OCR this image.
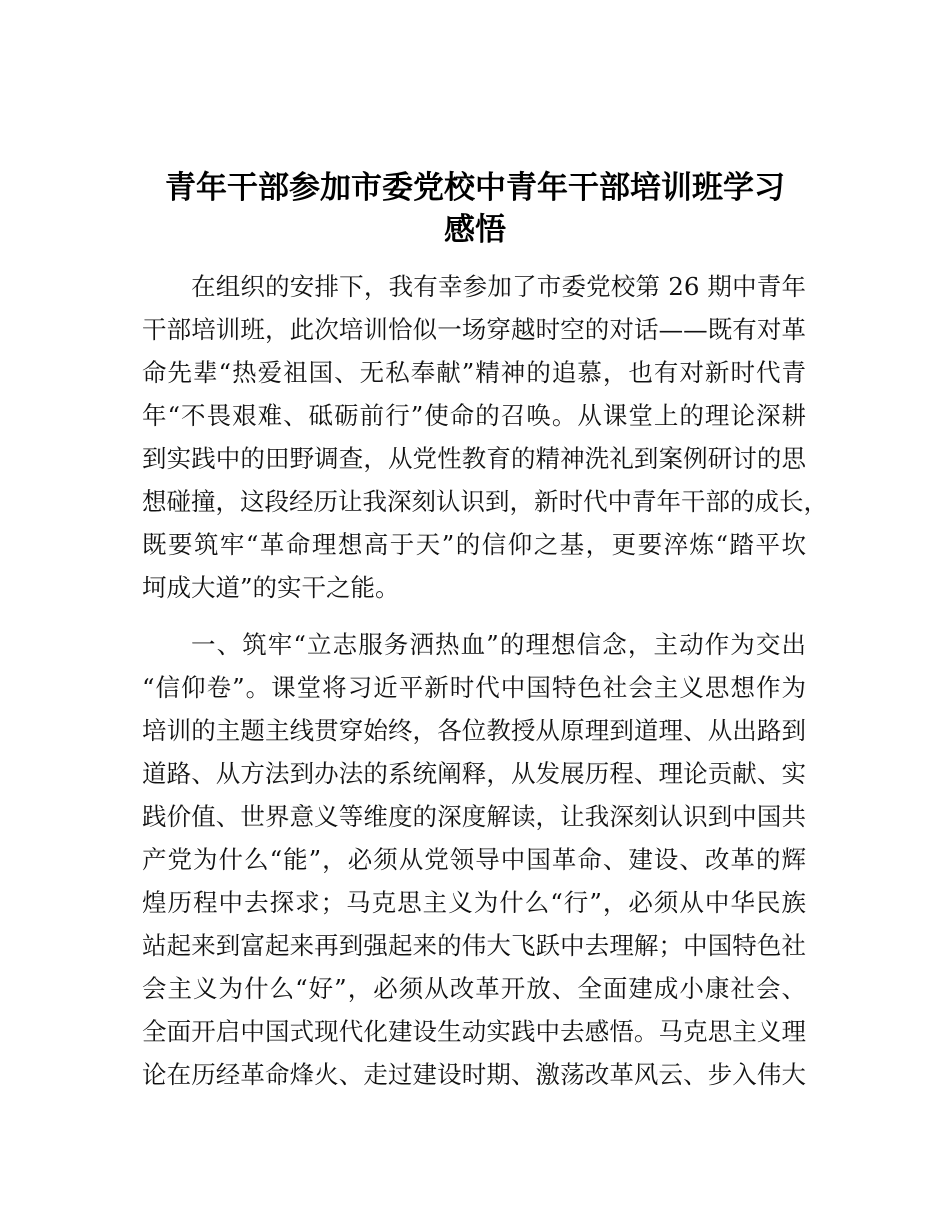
青年干部参加市委党校中青年干部培训班学习
感悟

在组织的安排下，我有幸参加了市委党校第 26 期中青年

干部培训班，此次培训恰似一场穿越时空的对话——既有对革

命先辈“热爱祖国、无私奉献”精神的追慕，也有对新时代青

年“不畏艰难、砥砺前行”使命的召唤。从课堂上的理论深耕

到实践中的田野调查，从党性教育的精神洗礼到案例研讨的思

想碰撞，这段经历让我深刻认识到，新时代中青年干部的成长，

既要筑牢“革命理想高于天”的信仰之基，更要淬炼“踏平坎

坷成大道”的实干之能。

一、筑牢“立志服务洒热血”的理想信念，主动作为交出

“信仰卷”。课堂将习近平新时代中国特色社会主义思想作为

培训的主题主线贯穿始终，各位教授从原理到道理、从出路到

道路、从方法到办法的系统阐释，从发展历程、理论贡献、实

践价值、世界意义等维度的深度解读，让我深刻认识到中国共

产党为什么“能”，必须从党领导中国革命、建设、改革的辉

煌历程中去探求；马克思主义为什么“行”，必须从中华民族

站起来到富起来再到强起来的伟大飞跃中去理解；中国特色社

会主义为什么“好”，必须从改革开放、全面建成小康社会、

全面开启中国式现代化建设生动实践中去感悟。马克思主义理

论在历经革命烽火、走过建设时期、激荡改革风云、步入伟大
